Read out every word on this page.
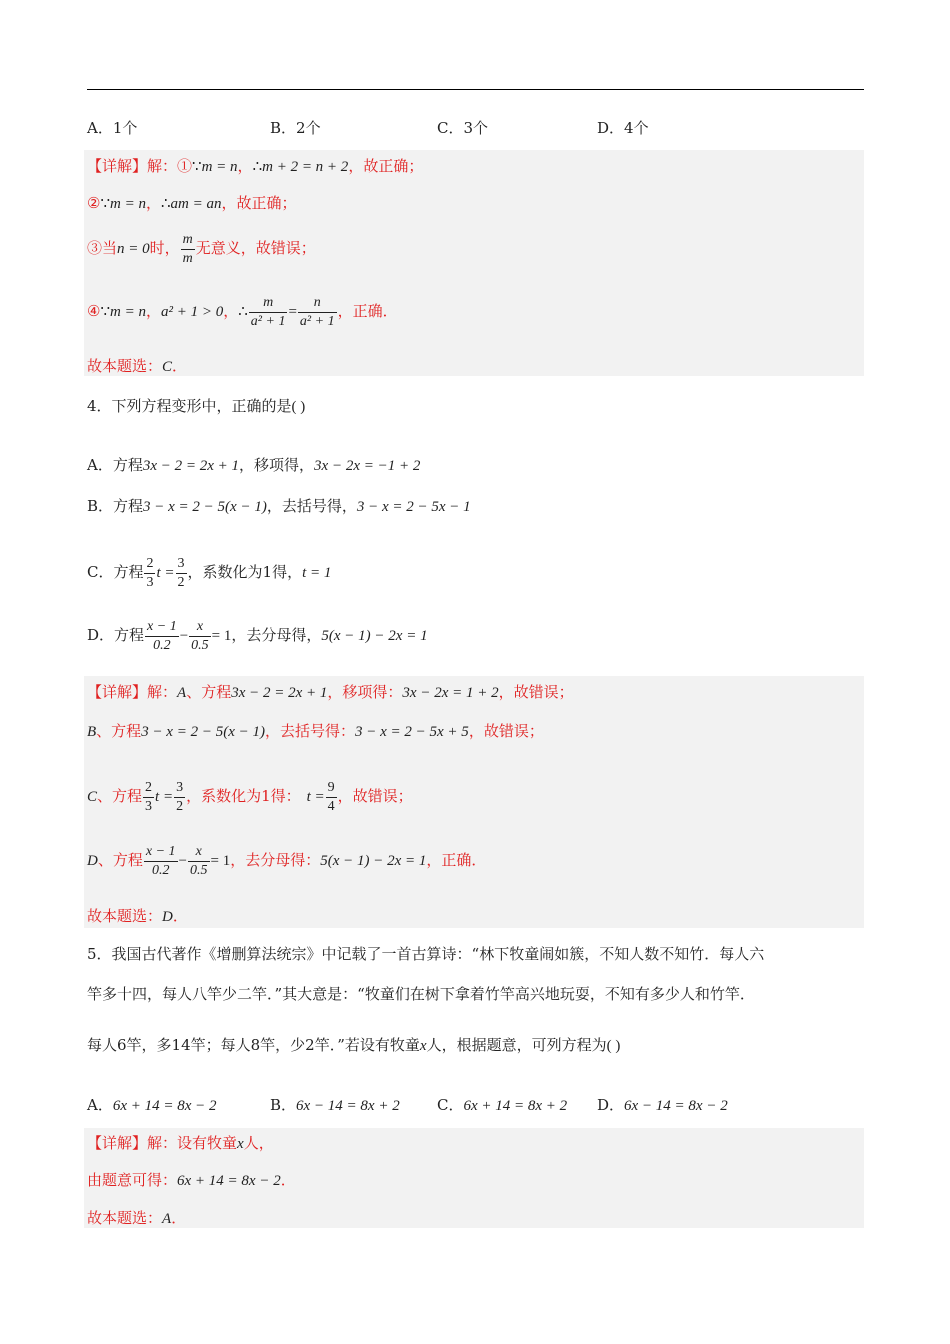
A．1个	B．2个	C．3个	D．4个
【详解】解：①∵m = n，∴m + 2 = n + 2，故正确；
②∵m = n，∴am = an，故正确；
③当n = 0时， $\frac{m}{m}$ 无意义，故错误；
④∵m = n，a² + 1 > 0，∴ $\frac{m}{\text{a² + 1}} = \frac{n}{\text{a² + 1}}$ ，正确．
故本题选：C．
4．下列方程变形中，正确的是( )
A．方程3x − 2 = 2x + 1，移项得，3x − 2x = −1 + 2
B．方程3 − x = 2 − 5(x − 1)，去括号得，3 − x = 2 − 5x − 1
C．方程 $\frac{2}{3}$ $t = \frac{3}{2}$ ，系数化为1得，t = 1
D．方程 $\frac{x - 1}{0.2} - \frac{x}{0.5} = 1$，去分母得，5(x − 1) − 2x = 1
【详解】解：A、方程3x − 2 = 2x + 1，移项得：3x − 2x = 1 + 2，故错误；
B、方程3 − x = 2 − 5(x − 1)，去括号得：3 − x = 2 − 5x + 5，故错误；
C、方程 $\frac{2}{3}$ $t = \frac{3}{2}$ ，系数化为1得： $t = \frac{9}{4}$ ，故错误；
D、方程 $\frac{x - 1}{0.2} - \frac{x}{0.5} = 1$，去分母得：5(x − 1) − 2x = 1，正确．
故本题选：D．
5．我国古代著作《增删算法统宗》中记载了一首古算诗：“林下牧童闹如簇，不知人数不知竹．每人六
竿多十四，每人八竿少二竿．”其大意是：“牧童们在树下拿着竹竿高兴地玩耍，不知有多少人和竹竿．
每人6竿，多14竿；每人8竿，少2竿．”若设有牧童x人，根据题意，可列方程为( )
A．6x + 14 = 8x − 2	B．6x − 14 = 8x + 2 C．6x + 14 = 8x + 2 D．6x − 14 = 8x − 2
【详解】解：设有牧童x人，
由题意可得：6x + 14 = 8x − 2．
故本题选：A．
